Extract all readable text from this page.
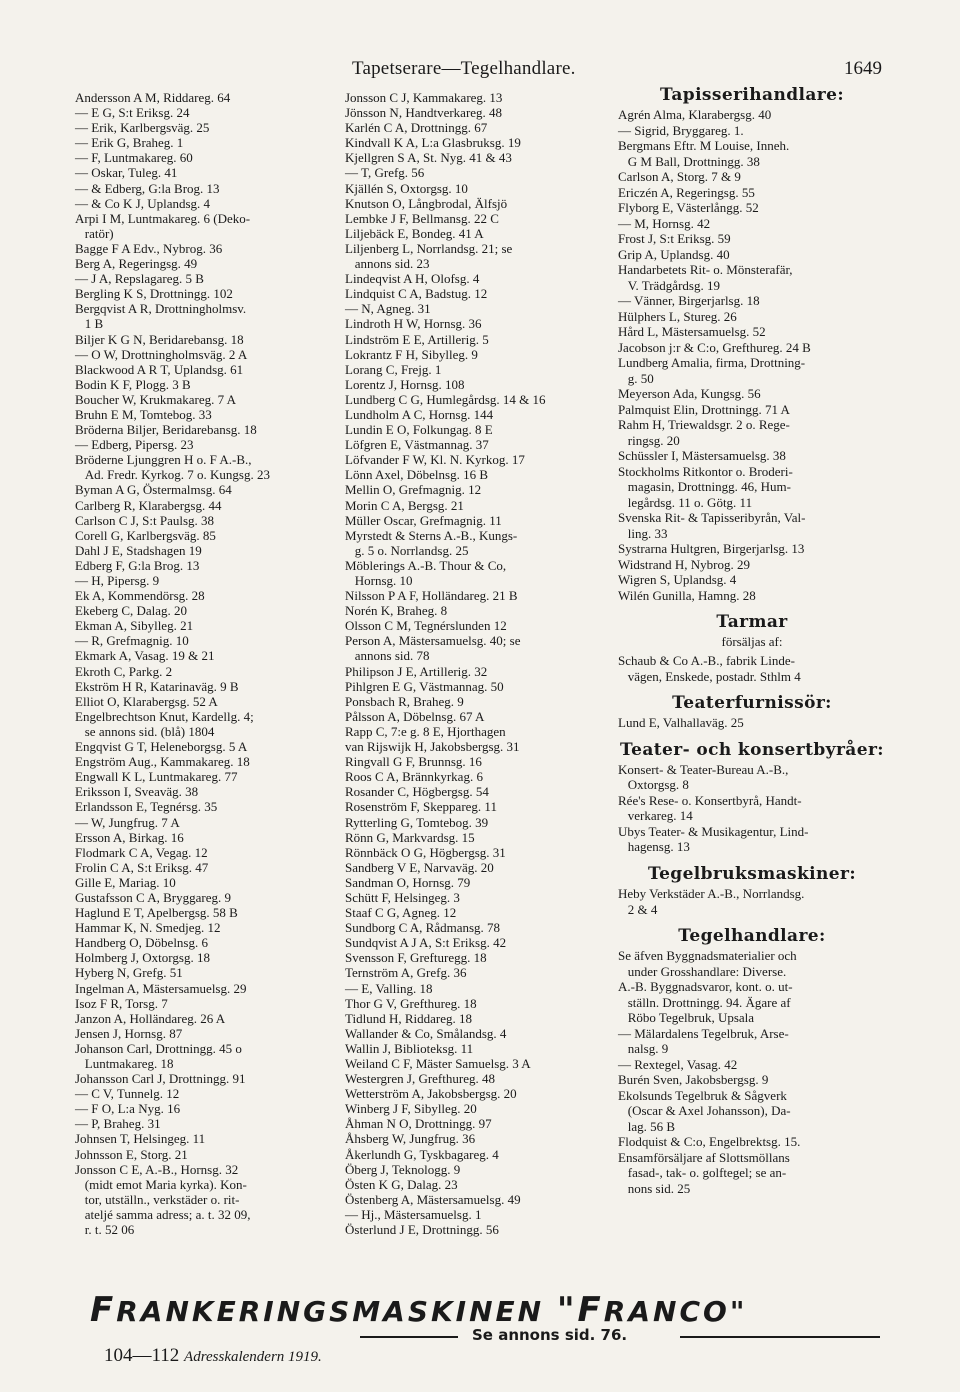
Tapetserare—Tegelhandlare.	1649
Andersson A M, Riddareg. 64
— E G, S:t Eriksg. 24
— Erik, Karlbergsväg. 25
— Erik G, Braheg. 1
— F, Luntmakareg. 60
— Oskar, Tuleg. 41
— & Edberg, G:la Brog. 13
— & Co K J, Uplandsg. 4
Arpi I M, Luntmakareg. 6 (Deko-
ratör)
Bagge F A Edv., Nybrog. 36
Berg A, Regeringsg. 49
— J A, Repslagareg. 5 B
Bergling K S, Drottningg. 102
Bergqvist A R, Drottningholmsv.
1 B
Biljer K G N, Beridarebansg. 18
— O W, Drottningholmsväg. 2 A
Blackwood A R T, Uplandsg. 61
Bodin K F, Plogg. 3 B
Boucher W, Krukmakareg. 7 A
Bruhn E M, Tomtebog. 33
Bröderna Biljer, Beridarebansg. 18
— Edberg, Pipersg. 23
Bröderne Ljunggren H o. F A.-B.,
Ad. Fredr. Kyrkog. 7 o. Kungsg. 23
Byman A G, Östermalmsg. 64
Carlberg R, Klarabergsg. 44
Carlson C J, S:t Paulsg. 38
Corell G, Karlbergsväg. 85
Dahl J E, Stadshagen 19
Edberg F, G:la Brog. 13
— H, Pipersg. 9
Ek A, Kommendörsg. 28
Ekeberg C, Dalag. 20
Ekman A, Sibylleg. 21
— R, Grefmagnig. 10
Ekmark A, Vasag. 19 & 21
Ekroth C, Parkg. 2
Ekström H R, Katarinaväg. 9 B
Elliot O, Klarabergsg. 52 A
Engelbrechtson Knut, Kardellg. 4;
se annons sid. (blå) 1804
Engqvist G T, Heleneborgsg. 5 A
Engström Aug., Kammakareg. 18
Engwall K L, Luntmakareg. 77
Eriksson I, Sveaväg. 38
Erlandsson E, Tegnérsg. 35
— W, Jungfrug. 7 A
Ersson A, Birkag. 16
Flodmark C A, Vegag. 12
Frolin C A, S:t Eriksg. 47
Gille E, Mariag. 10
Gustafsson C A, Bryggareg. 9
Haglund E T, Apelbergsg. 58 B
Hammar K, N. Smedjeg. 12
Handberg O, Döbelnsg. 6
Holmberg J, Oxtorgsg. 18
Hyberg N, Grefg. 51
Ingelman A, Mästersamuelsg. 29
Isoz F R, Torsg. 7
Janzon A, Holländareg. 26 A
Jensen J, Hornsg. 87
Johanson Carl, Drottningg. 45 o
Luntmakareg. 18
Johansson Carl J, Drottningg. 91
— C V, Tunnelg. 12
— F O, L:a Nyg. 16
— P, Braheg. 31
Johnsen T, Helsingeg. 11
Johnsson E, Storg. 21
Jonsson C E, A.-B., Hornsg. 32
(midt emot Maria kyrka). Kon-
tor, utställn., verkstäder o. rit-
ateljé samma adress; a. t. 32 09,
r. t. 52 06
Jonsson C J, Kammakareg. 13
Jönsson N, Handtverkareg. 48
Karlén C A, Drottningg. 67
Kindvall K A, L:a Glasbruksg. 19
Kjellgren S A, St. Nyg. 41 & 43
— T, Grefg. 56
Kjällén S, Oxtorgsg. 10
Knutson O, Långbrodal, Älfsjö
Lembke J F, Bellmansg. 22 C
Liljebäck E, Bondeg. 41 A
Liljenberg L, Norrlandsg. 21; se
annons sid. 23
Lindeqvist A H, Olofsg. 4
Lindquist C A, Badstug. 12
— N, Agneg. 31
Lindroth H W, Hornsg. 36
Lindström E E, Artillerig. 5
Lokrantz F H, Sibylleg. 9
Lorang C, Frejg. 1
Lorentz J, Hornsg. 108
Lundberg C G, Humlegårdsg. 14 & 16
Lundholm A C, Hornsg. 144
Lundin E O, Folkungag. 8 E
Löfgren E, Västmannag. 37
Löfvander F W, Kl. N. Kyrkog. 17
Lönn Axel, Döbelnsg. 16 B
Mellin O, Grefmagnig. 12
Morin C A, Bergsg. 21
Müller Oscar, Grefmagnig. 11
Myrstedt & Sterns A.-B., Kungs-
g. 5 o. Norrlandsg. 25
Möblerings A.-B. Thour & Co,
Hornsg. 10
Nilsson P A F, Holländareg. 21 B
Norén K, Braheg. 8
Olsson C M, Tegnérslunden 12
Person A, Mästersamuelsg. 40; se
annons sid. 78
Philipson J E, Artillerig. 32
Pihlgren E G, Västmannag. 50
Ponsbach R, Braheg. 9
Pålsson A, Döbelnsg. 67 A
Rapp C, 7:e g. 8 E, Hjorthagen
van Rijswijk H, Jakobsbergsg. 31
Ringvall G F, Brunnsg. 16
Roos C A, Brännkyrkag. 6
Rosander C, Högbergsg. 54
Rosenström F, Skeppareg. 11
Rytterling G, Tomtebog. 39
Rönn G, Markvardsg. 15
Rönnbäck O G, Högbergsg. 31
Sandberg V E, Narvaväg. 20
Sandman O, Hornsg. 79
Schütt F, Helsingeg. 3
Staaf C G, Agneg. 12
Sundborg C A, Rådmansg. 78
Sundqvist A J A, S:t Eriksg. 42
Svensson F, Grefturegg. 18
Ternström A, Grefg. 36
— E, Valling. 18
Thor G V, Grefthureg. 18
Tidlund H, Riddareg. 18
Wallander & Co, Smålandsg. 4
Wallin J, Biblioteksg. 11
Weiland C F, Mäster Samuelsg. 3 A
Westergren J, Grefthureg. 48
Wetterström A, Jakobsbergsg. 20
Winberg J F, Sibylleg. 20
Åhman N O, Drottningg. 97
Åhsberg W, Jungfrug. 36
Åkerlundh G, Tyskbagareg. 4
Öberg J, Teknologg. 9
Östen K G, Dalag. 23
Östenberg A, Mästersamuelsg. 49
— Hj., Mästersamuelsg. 1
Österlund J E, Drottningg. 56
Tapisserihandlare:
Agrén Alma, Klarabergsg. 40
— Sigrid, Bryggareg. 1.
Bergmans Eftr. M Louise, Inneh.
G M Ball, Drottningg. 38
Carlson A, Storg. 7 & 9
Ericzén A, Regeringsg. 55
Flyborg E, Västerlångg. 52
— M, Hornsg. 42
Frost J, S:t Eriksg. 59
Grip A, Uplandsg. 40
Handarbetets Rit- o. Mönsterafär,
V. Trädgårdsg. 19
— Vänner, Birgerjarlsg. 18
Hülphers L, Stureg. 26
Hård L, Mästersamuelsg. 52
Jacobson j:r & C:o, Grefthureg. 24 B
Lundberg Amalia, firma, Drottning-
g. 50
Meyerson Ada, Kungsg. 56
Palmquist Elin, Drottningg. 71 A
Rahm H, Triewaldsgr. 2 o. Rege-
ringsg. 20
Schüssler I, Mästersamuelsg. 38
Stockholms Ritkontor o. Broderi-
magasin, Drottningg. 46, Hum-
legårdsg. 11 o. Götg. 11
Svenska Rit- & Tapisseribyrån, Val-
ling. 33
Systrarna Hultgren, Birgerjarlsg. 13
Widstrand H, Nybrog. 29
Wigren S, Uplandsg. 4
Wilén Gunilla, Hamng. 28
Tarmar
försäljas af:
Schaub & Co A.-B., fabrik Linde-
vägen, Enskede, postadr. Sthlm 4
Teaterfurnissör:
Lund E, Valhallaväg. 25
Teater- och konsertbyråer:
Konsert- & Teater-Bureau A.-B.,
Oxtorgsg. 8
Rée's Rese- o. Konsertbyrå, Handt-
verkareg. 14
Ubys Teater- & Musikagentur, Lind-
hagensg. 13
Tegelbruksmaskiner:
Heby Verkstäder A.-B., Norrlandsg.
2 & 4
Tegelhandlare:
Se äfven Byggnadsmaterialier och
under Grosshandlare: Diverse.
A.-B. Byggnadsvaror, kont. o. ut-
ställn. Drottningg. 94. Ägare af
Röbo Tegelbruk, Upsala
— Mälardalens Tegelbruk, Arse-
nalsg. 9
— Rextegel, Vasag. 42
Burén Sven, Jakobsbergsg. 9
Ekolsunds Tegelbruk & Sågverk
(Oscar & Axel Johansson), Da-
lag. 56 B
Flodquist & C:o, Engelbrektsg. 15.
Ensamförsäljare af Slottsmöllans
fasad-, tak- o. golftegel; se an-
nons sid. 25
FRANKERINGSMASKINEN "FRANCO"
Se annons sid. 76.
104—112 Adresskalendern 1919.
